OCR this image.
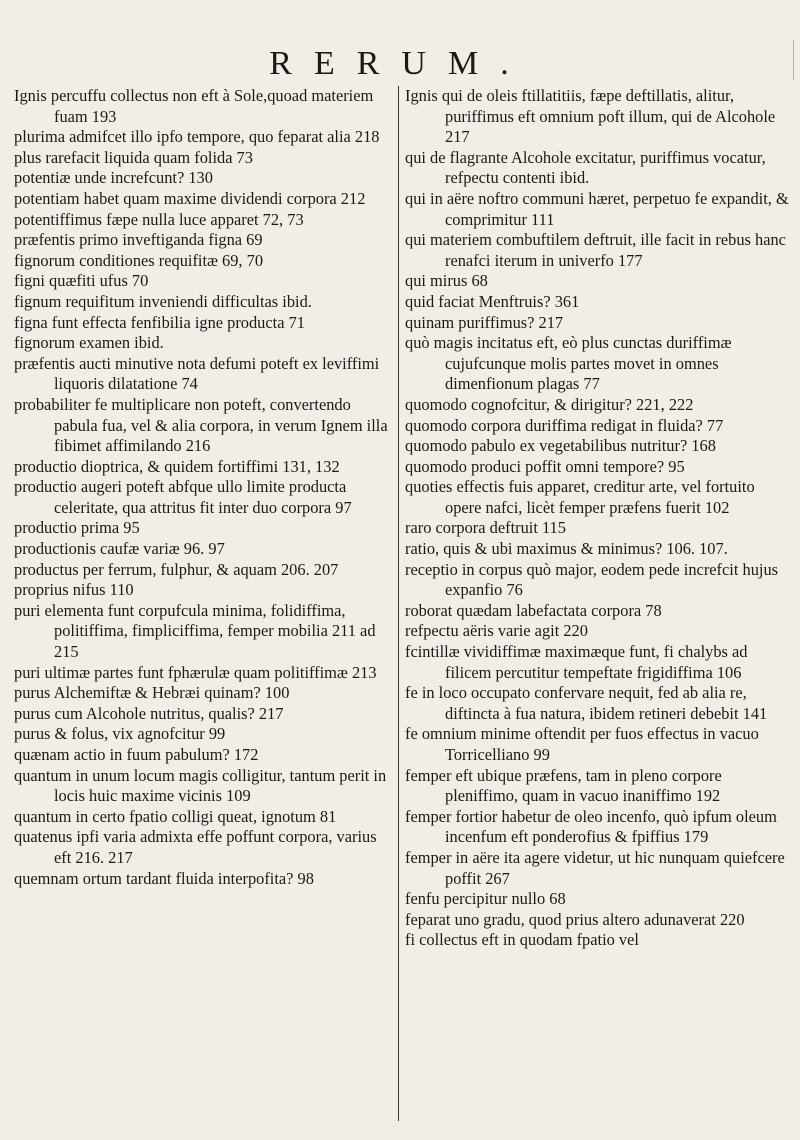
RERUM.

Ignis percuffu collectus non eft à Sole,quoad materiem fuam 193

plurima admifcet illo ipfo tempore, quo feparat alia 218

plus rarefacit liquida quam folida 73

potentiæ unde increfcunt? 130

potentiam habet quam maxime dividendi corpora 212

potentiffimus fæpe nulla luce apparet 72, 73

præfentis primo inveftiganda figna 69

fignorum conditiones requifitæ 69, 70

figni quæfiti ufus 70

fignum requifitum inveniendi difficultas ibid.

figna funt effecta fenfibilia igne producta 71

fignorum examen ibid.

præfentis aucti minutive nota defumi poteft ex leviffimi liquoris dilatatione 74

probabiliter fe multiplicare non poteft, convertendo pabula fua, vel & alia corpora, in verum Ignem illa fibimet affimilando 216

productio dioptrica, & quidem fortiffimi 131, 132

productio augeri poteft abfque ullo limite producta celeritate, qua attritus fit inter duo corpora 97

productio prima 95

productionis caufæ variæ 96. 97

productus per ferrum, fulphur, & aquam 206. 207

proprius nifus 110

puri elementa funt corpufcula minima, folidiffima, politiffima, fimpliciffima, femper mobilia 211 ad 215

puri ultimæ partes funt fphærulæ quam politiffimæ 213

purus Alchemiftæ & Hebræi quinam? 100

purus cum Alcohole nutritus, qualis? 217

purus & folus, vix agnofcitur 99

quænam actio in fuum pabulum? 172

quantum in unum locum magis colligitur, tantum perit in locis huic maxime vicinis 109

quantum in certo fpatio colligi queat, ignotum 81

quatenus ipfi varia admixta effe poffunt corpora, varius eft 216. 217

quemnam ortum tardant fluida interpofita? 98

Ignis qui de oleis ftillatitiis, fæpe deftillatis, alitur, puriffimus eft omnium poft illum, qui de Alcohole 217

qui de flagrante Alcohole excitatur, puriffimus vocatur, refpectu contenti ibid.

qui in aëre noftro communi hæret, perpetuo fe expandit, & comprimitur 111

qui materiem combuftilem deftruit, ille facit in rebus hanc renafci iterum in univerfo 177

qui mirus 68

quid faciat Menftruis? 361

quinam puriffimus? 217

quò magis incitatus eft, eò plus cunctas duriffimæ cujufcunque molis partes movet in omnes dimenfionum plagas 77

quomodo cognofcitur, & dirigitur? 221, 222

quomodo corpora duriffima redigat in fluida? 77

quomodo pabulo ex vegetabilibus nutritur? 168

quomodo produci poffit omni tempore? 95

quoties effectis fuis apparet, creditur arte, vel fortuito opere nafci, licèt femper præfens fuerit 102

raro corpora deftruit 115

ratio, quis & ubi maximus & minimus? 106. 107.

receptio in corpus quò major, eodem pede increfcit hujus expanfio 76

roborat quædam labefactata corpora 78

refpectu aëris varie agit 220

fcintillæ vividiffimæ maximæque funt, fi chalybs ad filicem percutitur tempeftate frigidiffima 106

fe in loco occupato confervare nequit, fed ab alia re, diftincta à fua natura, ibidem retineri debebit 141

fe omnium minime oftendit per fuos effectus in vacuo Torricelliano 99

femper eft ubique præfens, tam in pleno corpore pleniffimo, quam in vacuo inaniffimo 192

femper fortior habetur de oleo incenfo, quò ipfum oleum incenfum eft ponderofius & fpiffius 179

femper in aëre ita agere videtur, ut hic nunquam quiefcere poffit 267

fenfu percipitur nullo 68

feparat uno gradu, quod prius altero adunaverat 220

fi collectus eft in quodam fpatio vel
